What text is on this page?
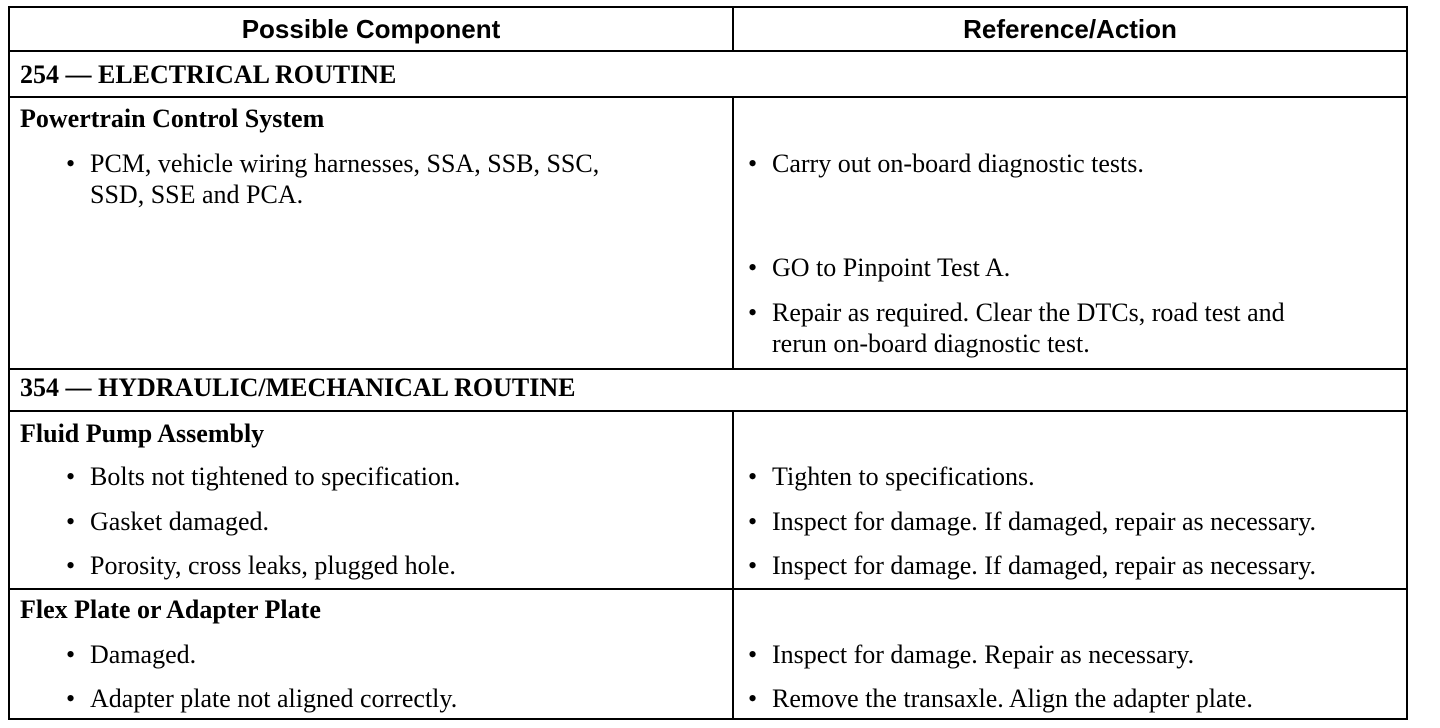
Possible Component	Reference/Action
254 — ELECTRICAL ROUTINE
Powertrain Control System
• PCM, vehicle wiring harnesses, SSA, SSB, SSC,
SSD, SSE and PCA.
• Carry out on-board diagnostic tests.
• GO to Pinpoint Test A.
• Repair as required. Clear the DTCs, road test and
rerun on-board diagnostic test.
354 — HYDRAULIC/MECHANICAL ROUTINE
Fluid Pump Assembly
• Bolts not tightened to specification.
• Gasket damaged.
• Porosity, cross leaks, plugged hole.
• Tighten to specifications.
• Inspect for damage. If damaged, repair as necessary.
• Inspect for damage. If damaged, repair as necessary.
Flex Plate or Adapter Plate
• Damaged.
• Adapter plate not aligned correctly.
• Inspect for damage. Repair as necessary.
• Remove the transaxle. Align the adapter plate.
